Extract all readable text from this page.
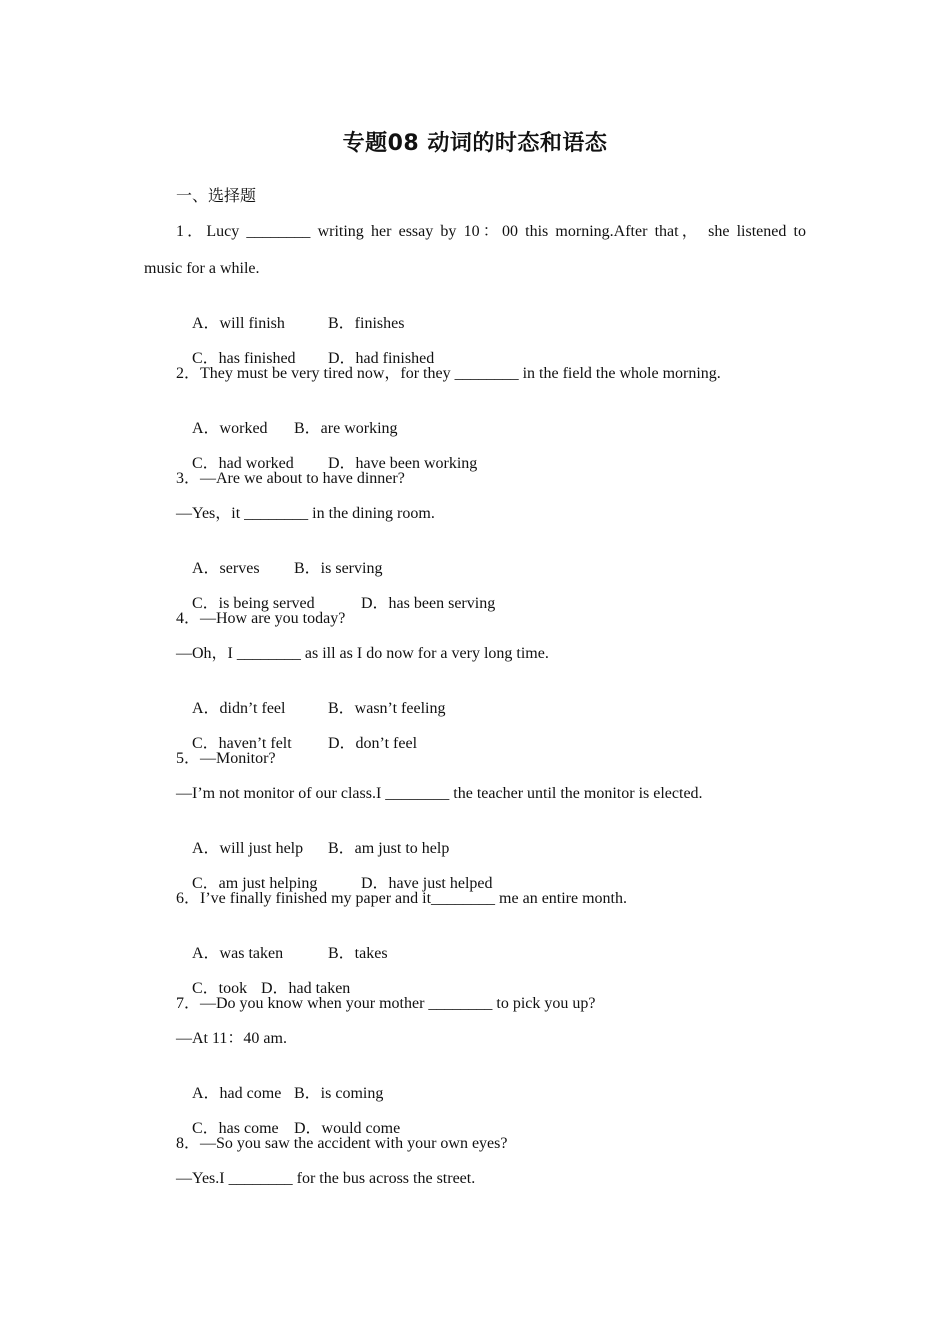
专题08 动词的时态和语态
一、选择题
1．Lucy ________ writing her essay by 10：00 this morning.After that， she listened to
music for a while.

A．will finish	B．finishes

C．has finished D．had finished

2．They must be very tired now，for they ________ in the field the whole morning.

A．worked B．are working

C．had worked D．have been working

3．—Are we about to have dinner?
—Yes，it ________ in the dining room.

A．serves B．is serving

C．is being served	D．has been serving

4．—How are you today?
—Oh，I ________ as ill as I do now for a very long time.

A．didn’t feel	B．wasn’t feeling

C．haven’t felt D．don’t feel

5．—Monitor?
—I’m not monitor of our class.I ________ the teacher until the monitor is elected.

A．will just help B．am just to help

C．am just helping	D．have just helped

6．I’ve finally finished my paper and it________ me an entire month.

A．was taken	B．takes

C．took D．had taken

7．—Do you know when your mother ________ to pick you up?
—At 11：40 am.

A．had come B．is coming

C．has come D．would come

8．—So you saw the accident with your own eyes?
—Yes.I ________ for the bus across the street.
